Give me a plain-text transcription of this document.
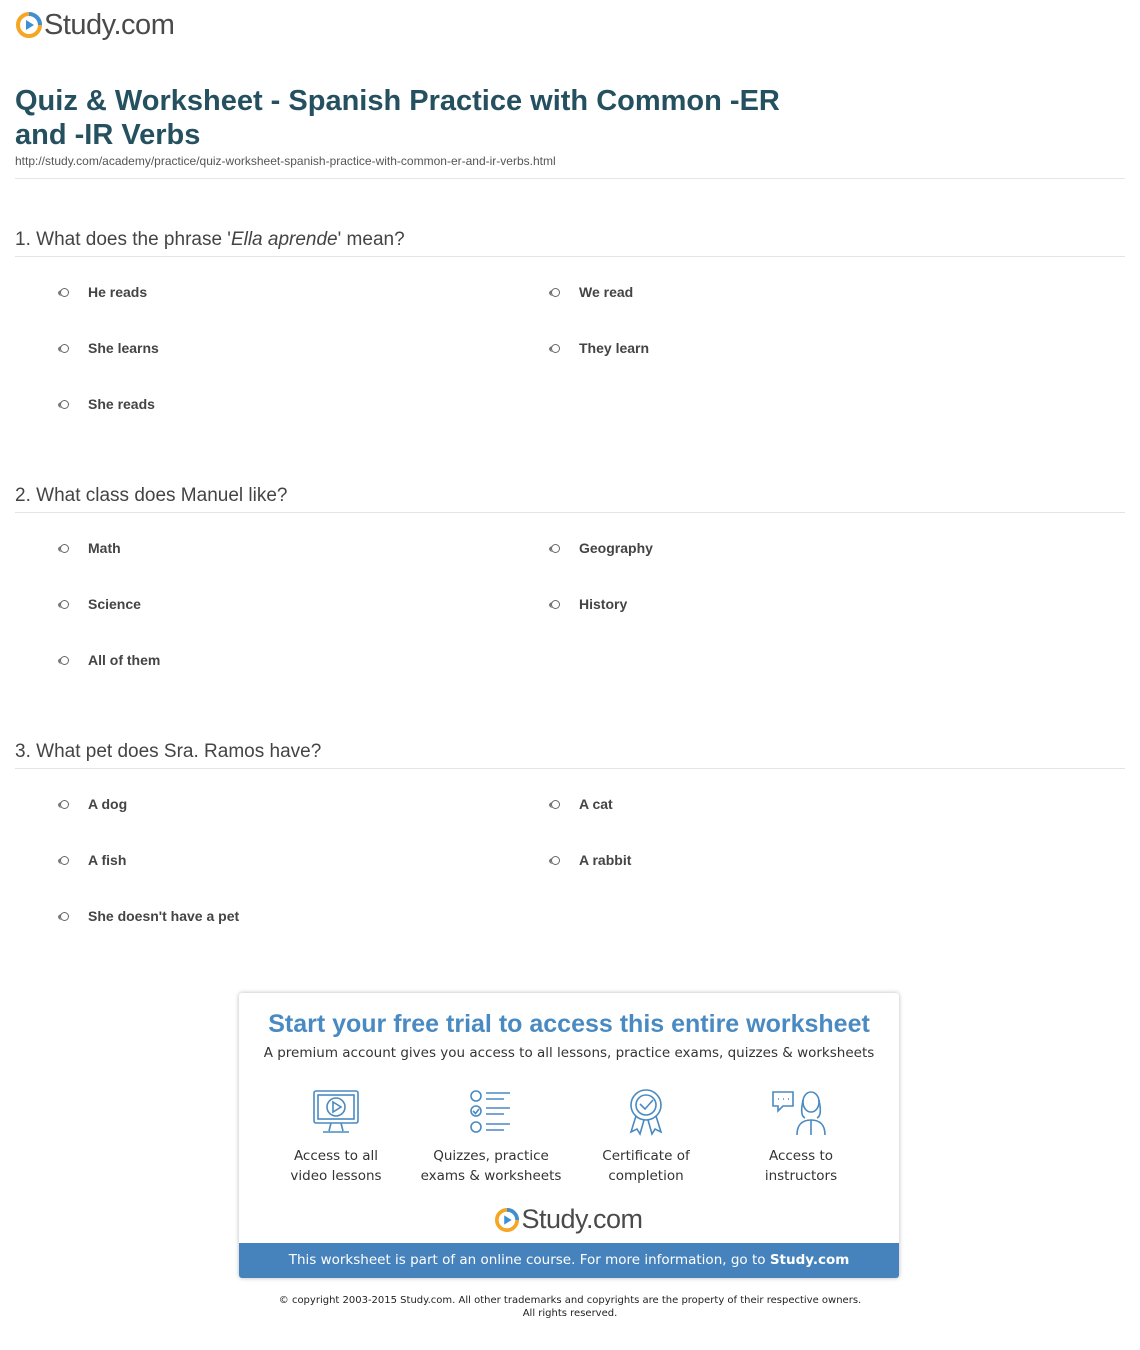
Study.com
Quiz & Worksheet - Spanish Practice with Common -ER and -IR Verbs
http://study.com/academy/practice/quiz-worksheet-spanish-practice-with-common-er-and-ir-verbs.html

1. What does the phrase 'Ella aprende' mean?

He reads	We read
She learns	They learn
She reads

2. What class does Manuel like?

Math	Geography
Science	History
All of them

3. What pet does Sra. Ramos have?

A dog	A cat
A fish	A rabbit
She doesn't have a pet
Start your free trial to access this entire worksheet
A premium account gives you access to all lessons, practice exams, quizzes & worksheets
Access to all
video lessons
Quizzes, practice
exams & worksheets
Certificate of
completion
Access to
instructors
Study.com
This worksheet is part of an online course. For more information, go to Study.com
© copyright 2003-2015 Study.com. All other trademarks and copyrights are the property of their respective owners.
All rights reserved.
